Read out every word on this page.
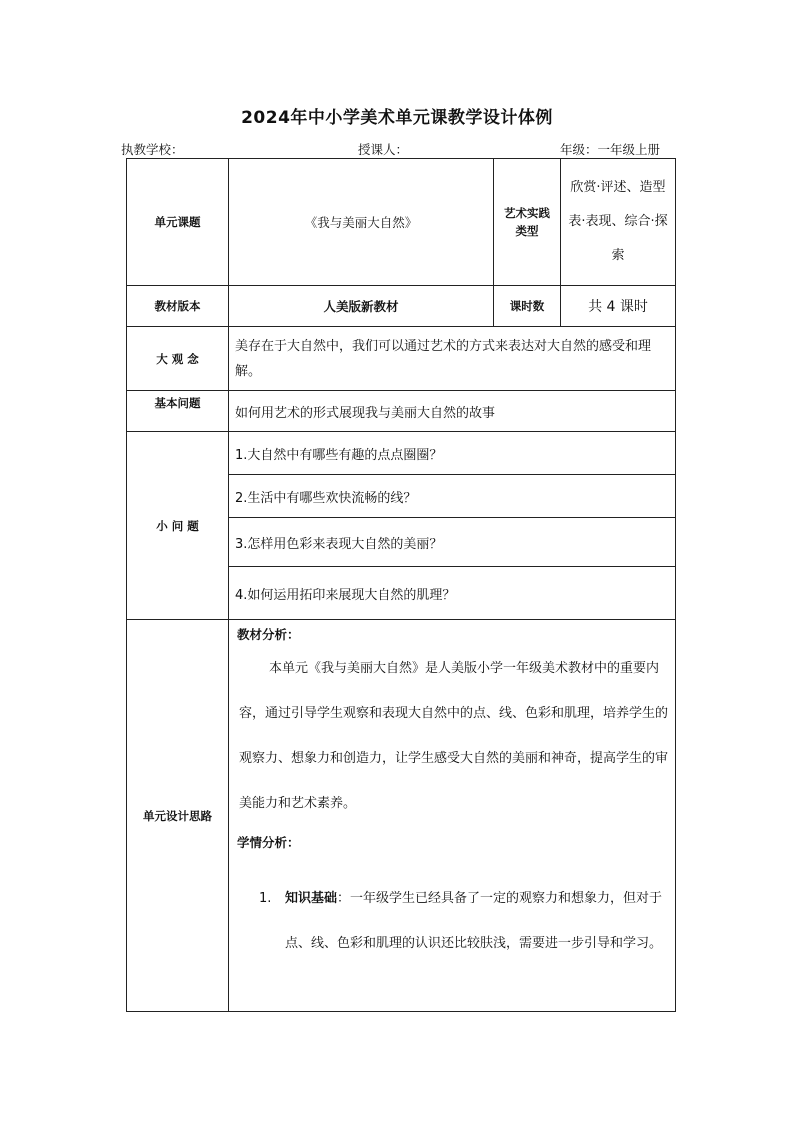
2024年中小学美术单元课教学设计体例
执教学校：	授课人：	年级：一年级上册
单元课题	《我与美丽大自然》	艺术实践类型	欣赏·评述、造型表·表现、综合·探索
教材版本	人美版新教材	课时数	共 4 课时
大 观 念	美存在于大自然中，我们可以通过艺术的方式来表达对大自然的感受和理解。		
基本问题	如何用艺术的形式展现我与美丽大自然的故事		
小 问 题	1.大自然中有哪些有趣的点点圈圈？		
	2.生活中有哪些欢快流畅的线？		
	3.怎样用色彩来表现大自然的美丽？		
	4.如何运用拓印来展现大自然的肌理？		
单元设计思路	教材分析：

本单元《我与美丽大自然》是人美版小学一年级美术教材中的重要内容，通过引导学生观察和表现大自然中的点、线、色彩和肌理，培养学生的观察力、想象力和创造力，让学生感受大自然的美丽和神奇，提高学生的审美能力和艺术素养。

学情分析：
1. 知识基础：一年级学生已经具备了一定的观察力和想象力，但对于点、线、色彩和肌理的认识还比较肤浅，需要进一步引导和学习。		
